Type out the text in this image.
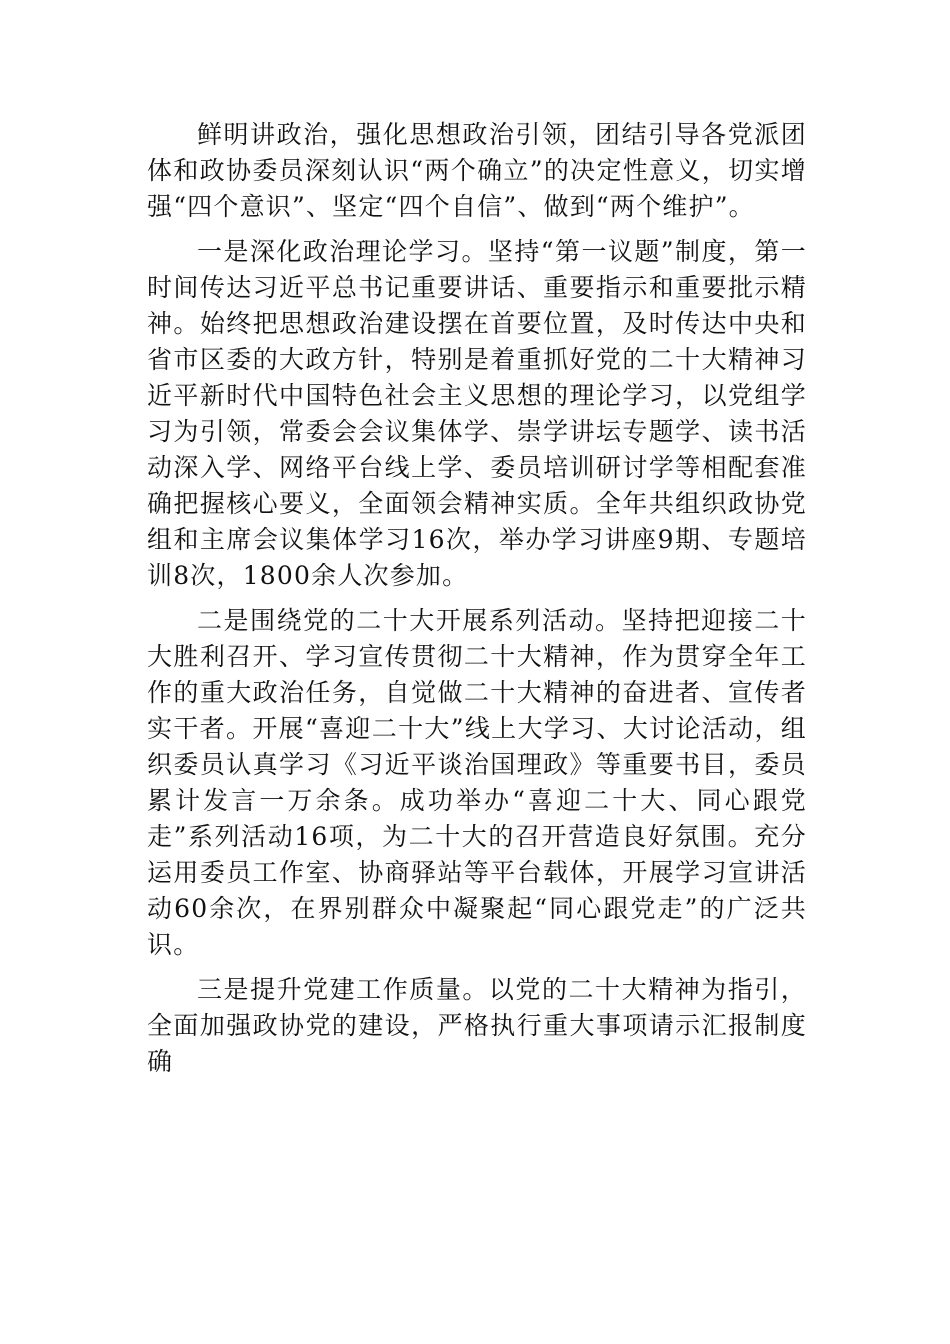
鲜明讲政治，强化思想政治引领，团结引导各党派团体和政协委员深刻认识“两个确立”的决定性意义，切实增强“四个意识”、坚定“四个自信”、做到“两个维护”。

一是深化政治理论学习。坚持“第一议题”制度，第一时间传达习近平总书记重要讲话、重要指示和重要批示精神。始终把思想政治建设摆在首要位置，及时传达中央和省市区委的大政方针，特别是着重抓好党的二十大精神习近平新时代中国特色社会主义思想的理论学习，以党组学习为引领，常委会会议集体学、崇学讲坛专题学、读书活动深入学、网络平台线上学、委员培训研讨学等相配套准确把握核心要义，全面领会精神实质。全年共组织政协党组和主席会议集体学习16次，举办学习讲座9期、专题培训8次，1800余人次参加。

二是围绕党的二十大开展系列活动。坚持把迎接二十大胜利召开、学习宣传贯彻二十大精神，作为贯穿全年工作的重大政治任务，自觉做二十大精神的奋进者、宣传者实干者。开展“喜迎二十大”线上大学习、大讨论活动，组织委员认真学习《习近平谈治国理政》等重要书目，委员累计发言一万余条。成功举办“喜迎二十大、同心跟党走”系列活动16项，为二十大的召开营造良好氛围。充分运用委员工作室、协商驿站等平台载体，开展学习宣讲活动60余次，在界别群众中凝聚起“同心跟党走”的广泛共识。

三是提升党建工作质量。以党的二十大精神为指引，全面加强政协党的建设，严格执行重大事项请示汇报制度确
